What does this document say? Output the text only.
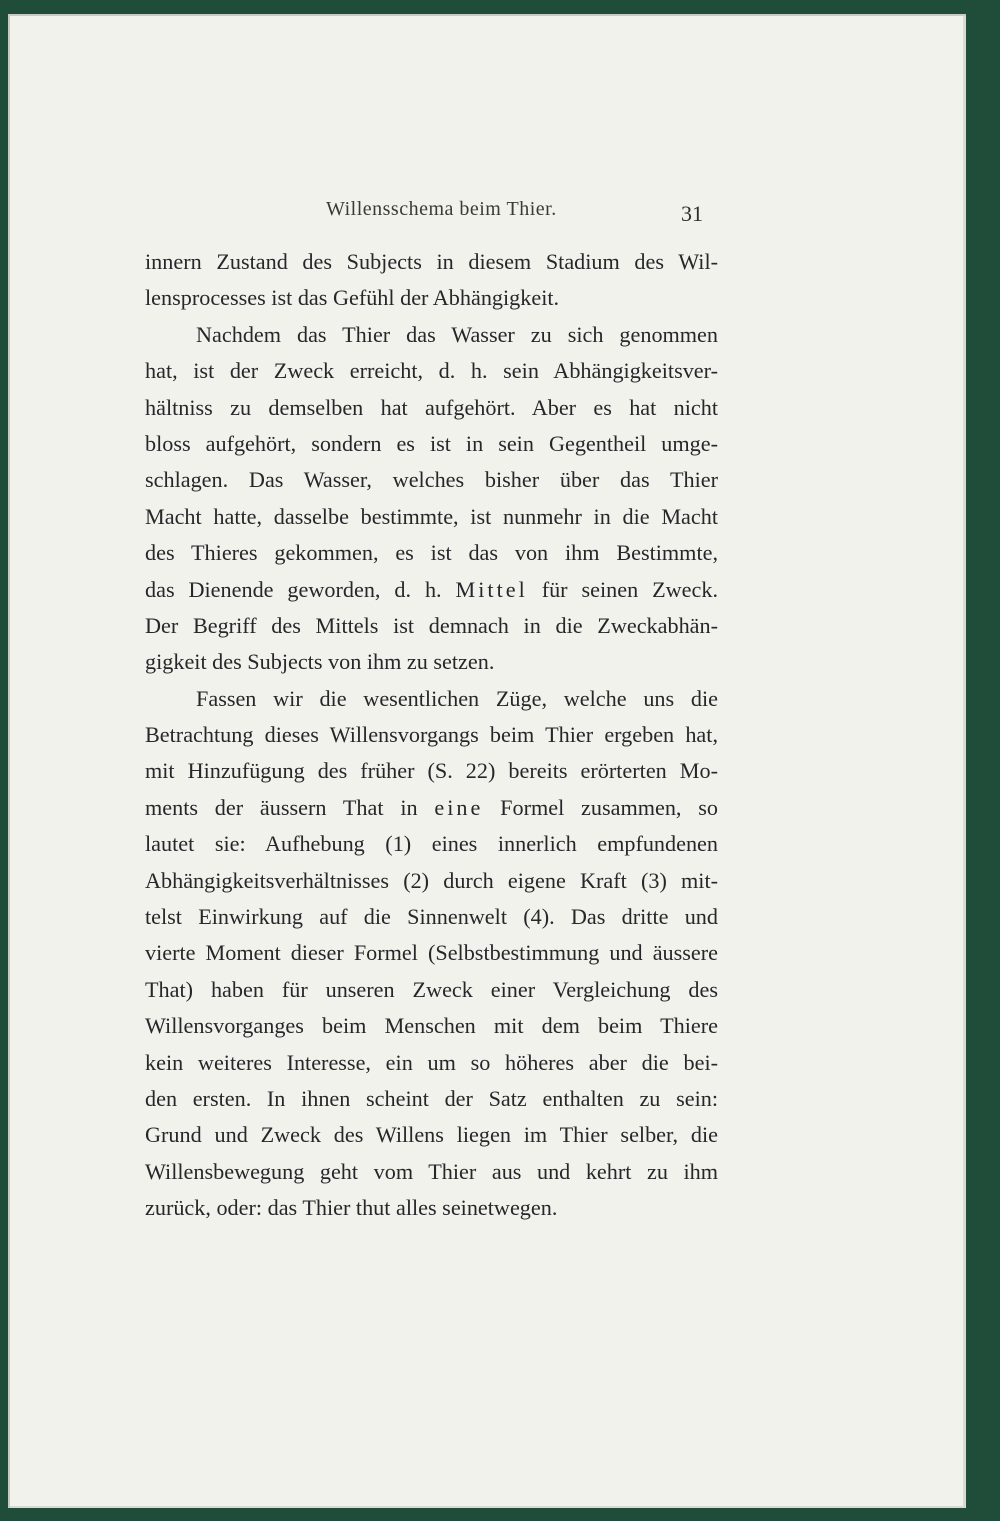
Willensschema beim Thier.	31
innern Zustand des Subjects in diesem Stadium des Wil-
lensprocesses ist das Gefühl der Abhängigkeit.
Nachdem das Thier das Wasser zu sich genommen
hat, ist der Zweck erreicht, d. h. sein Abhängigkeitsver-
hältniss zu demselben hat aufgehört. Aber es hat nicht
bloss aufgehört, sondern es ist in sein Gegentheil umge-
schlagen. Das Wasser, welches bisher über das Thier
Macht hatte, dasselbe bestimmte, ist nunmehr in die Macht
des Thieres gekommen, es ist das von ihm Bestimmte,
das Dienende geworden, d. h. Mittel für seinen Zweck.
Der Begriff des Mittels ist demnach in die Zweckabhän-
gigkeit des Subjects von ihm zu setzen.
Fassen wir die wesentlichen Züge, welche uns die
Betrachtung dieses Willensvorgangs beim Thier ergeben hat,
mit Hinzufügung des früher (S. 22) bereits erörterten Mo-
ments der äussern That in eine Formel zusammen, so
lautet sie: Aufhebung (1) eines innerlich empfundenen
Abhängigkeitsverhältnisses (2) durch eigene Kraft (3) mit-
telst Einwirkung auf die Sinnenwelt (4). Das dritte und
vierte Moment dieser Formel (Selbstbestimmung und äussere
That) haben für unseren Zweck einer Vergleichung des
Willensvorganges beim Menschen mit dem beim Thiere
kein weiteres Interesse, ein um so höheres aber die bei-
den ersten. In ihnen scheint der Satz enthalten zu sein:
Grund und Zweck des Willens liegen im Thier selber, die
Willensbewegung geht vom Thier aus und kehrt zu ihm
zurück, oder: das Thier thut alles seinetwegen.
